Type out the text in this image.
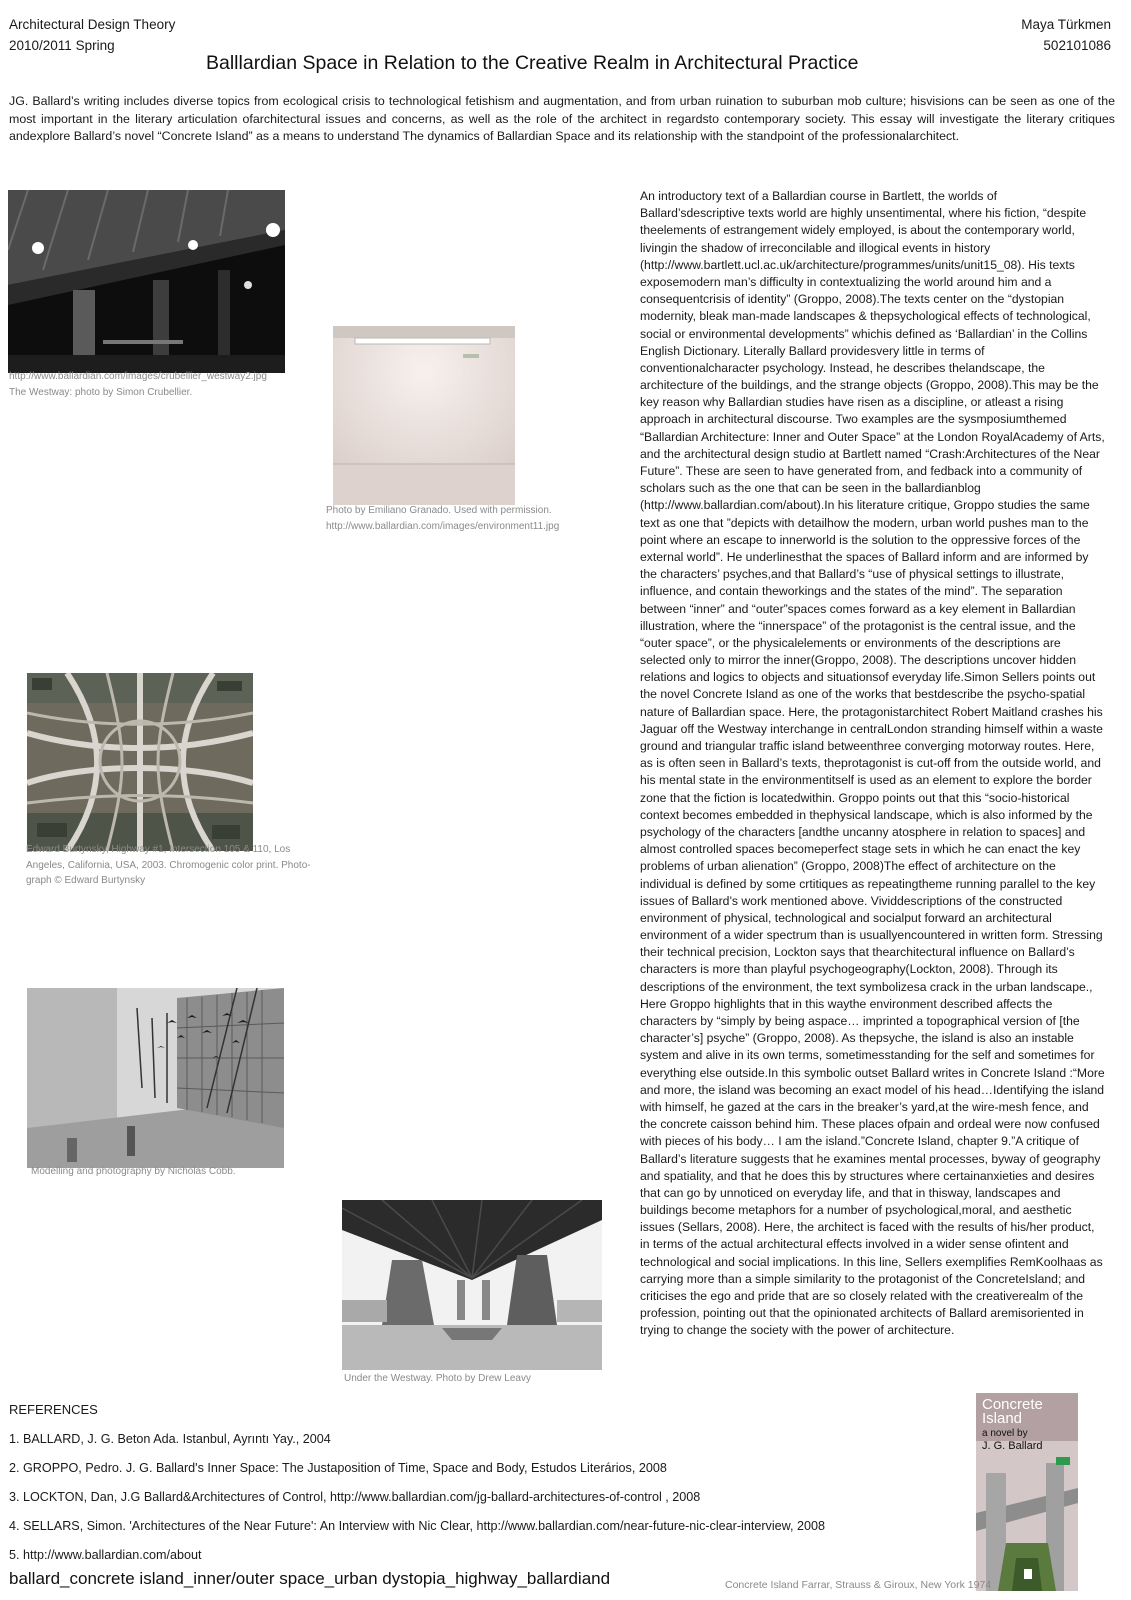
Architectural Design Theory
2010/2011 Spring
Maya Türkmen
502101086
Balllardian Space in Relation to the Creative Realm in Architectural Practice
JG. Ballard’s writing includes diverse topics from ecological crisis to technological fetishism and augmentation, and from urban ruination to suburban mob culture; hisvisions can be seen as one of the most important in the literary articulation ofarchitectural issues and concerns, as well as the role of the architect in regardsto contemporary society. This essay will investigate the literary critiques andexplore Ballard’s novel “Concrete Island” as a means to understand The dynamics of Ballardian Space and its relationship with the standpoint of the professionalarchitect.
An introductory text of a Ballardian course in Bartlett, the worlds of Ballard’sdescriptive texts world are highly unsentimental, where his fiction, “despite theelements of estrangement widely employed, is about the contemporary world, livingin the shadow of irreconcilable and illogical events in history (http://www.bartlett.ucl.ac.uk/architecture/programmes/units/unit15_08). His texts exposemodern man’s difficulty in contextualizing the world around him and a consequentcrisis of identity” (Groppo, 2008).The texts center on the “dystopian modernity, bleak man-made landscapes & thepsychological effects of technological, social or environmental developments” whichis defined as ‘Ballardian’ in the Collins English Dictionary. Literally Ballard providesvery little in terms of conventionalcharacter psychology. Instead, he describes thelandscape, the architecture of the buildings, and the strange objects (Groppo, 2008).This may be the key reason why Ballardian studies have risen as a discipline, or atleast a rising approach in architectural discourse. Two examples are the sysmposiumthemed “Ballardian Architecture: Inner and Outer Space” at the London RoyalAcademy of Arts, and the architectural design studio at Bartlett named “Crash:Architectures of the Near Future”. These are seen to have generated from, and fedback into a community of scholars such as the one that can be seen in the ballardianblog (http://www.ballardian.com/about).In his literature critique, Groppo studies the same text as one that ”depicts with detailhow the modern, urban world pushes man to the point where an escape to innerworld is the solution to the oppressive forces of the external world”. He underlinesthat the spaces of Ballard inform and are informed by the characters’ psyches,and that Ballard’s “use of physical settings to illustrate, influence, and contain theworkings and the states of the mind”. The separation between “inner” and “outer”spaces comes forward as a key element in Ballardian illustration, where the “innerspace” of the protagonist is the central issue, and the “outer space”, or the physicalelements or environments of the descriptions are selected only to mirror the inner(Groppo, 2008). The descriptions uncover hidden relations and logics to objects and situationsof everyday life.Simon Sellers points out the novel Concrete Island as one of the works that bestdescribe the psycho-spatial nature of Ballardian space. Here, the protagonistarchitect Robert Maitland crashes his Jaguar off the Westway interchange in centralLondon stranding himself within a waste ground and triangular traffic island betweenthree converging motorway routes. Here, as is often seen in Ballard’s texts, theprotagonist is cut-off from the outside world, and his mental state in the environmentitself is used as an element to explore the border zone that the fiction is locatedwithin. Groppo points out that this “socio-historical context becomes embedded in thephysical landscape, which is also informed by the psychology of the characters [andthe uncanny atosphere in relation to spaces] and almost controlled spaces becomeperfect stage sets in which he can enact the key problems of urban alienation” (Groppo, 2008)The effect of architecture on the individual is defined by some crtitiques as repeatingtheme running parallel to the key issues of Ballard’s work mentioned above. Vividdescriptions of the constructed environment of physical, technological and socialput forward an architectural environment of a wider spectrum than is usuallyencountered in written form. Stressing their technical precision, Lockton says that thearchitectural influence on Ballard’s characters is more than playful psychogeography(Lockton, 2008). Through its descriptions of the environment, the text symbolizesa crack in the urban landscape., Here Groppo highlights that in this waythe environment described affects the characters by “simply by being aspace… imprinted a topographical version of [the character’s] psyche” (Groppo, 2008). As thepsyche, the island is also an instable system and alive in its own terms, sometimesstanding for the self and sometimes for everything else outside.In this symbolic outset Ballard writes in Concrete Island :“More and more, the island was becoming an exact model of his head…Identifying the island with himself, he gazed at the cars in the breaker’s yard,at the wire-mesh fence, and the concrete caisson behind him. These places ofpain and ordeal were now confused with pieces of his body… I am the island.”Concrete Island, chapter 9.”A critique of Ballard’s literature suggests that he examines mental processes, byway of geography and spatiality, and that he does this by structures where certainanxieties and desires that can go by unnoticed on everyday life, and that in thisway, landscapes and buildings become metaphors for a number of psychological,moral, and aesthetic issues (Sellars, 2008). Here, the architect is faced with the results of his/her product, in terms of the actual architectural effects involved in a wider sense ofintent and technological and social implications. In this line, Sellers exemplifies RemKoolhaas as carrying more than a simple similarity to the protagonist of the ConcreteIsland; and criticises the ego and pride that are so closely related with the creativerealm of the profession, pointing out that the opinionated architects of Ballard aremisoriented in trying to change the society with the power of architecture.
http://www.ballardian.com/images/crubellier_westway2.jpg
The Westway: photo by Simon Crubellier.
Photo by Emiliano Granado. Used with permission.
http://www.ballardian.com/images/environment11.jpg
Edward Burtynsky, Highway #1, Intersection 105 & 110, Los
Angeles, California, USA, 2003. Chromogenic color print. Photo-
graph © Edward Burtynsky
Modelling and photography by Nicholas Cobb.
Under the Westway. Photo by Drew Leavy
Concrete
Island
a novel by
J. G. Ballard
Concrete Island Farrar, Strauss & Giroux, New York 1974
REFERENCES
1. BALLARD, J. G. Beton Ada. Istanbul, Ayrıntı Yay., 2004
2. GROPPO, Pedro. J. G. Ballard's Inner Space: The Justaposition of Time, Space and Body, Estudos Literários, 2008
3. LOCKTON, Dan, J.G Ballard&Architectures of Control, http://www.ballardian.com/jg-ballard-architectures-of-control , 2008
4. SELLARS, Simon. 'Architectures of the Near Future': An Interview with Nic Clear, http://www.ballardian.com/near-future-nic-clear-interview, 2008
5. http://www.ballardian.com/about
ballard_concrete island_inner/outer space_urban dystopia_highway_ballardiand
